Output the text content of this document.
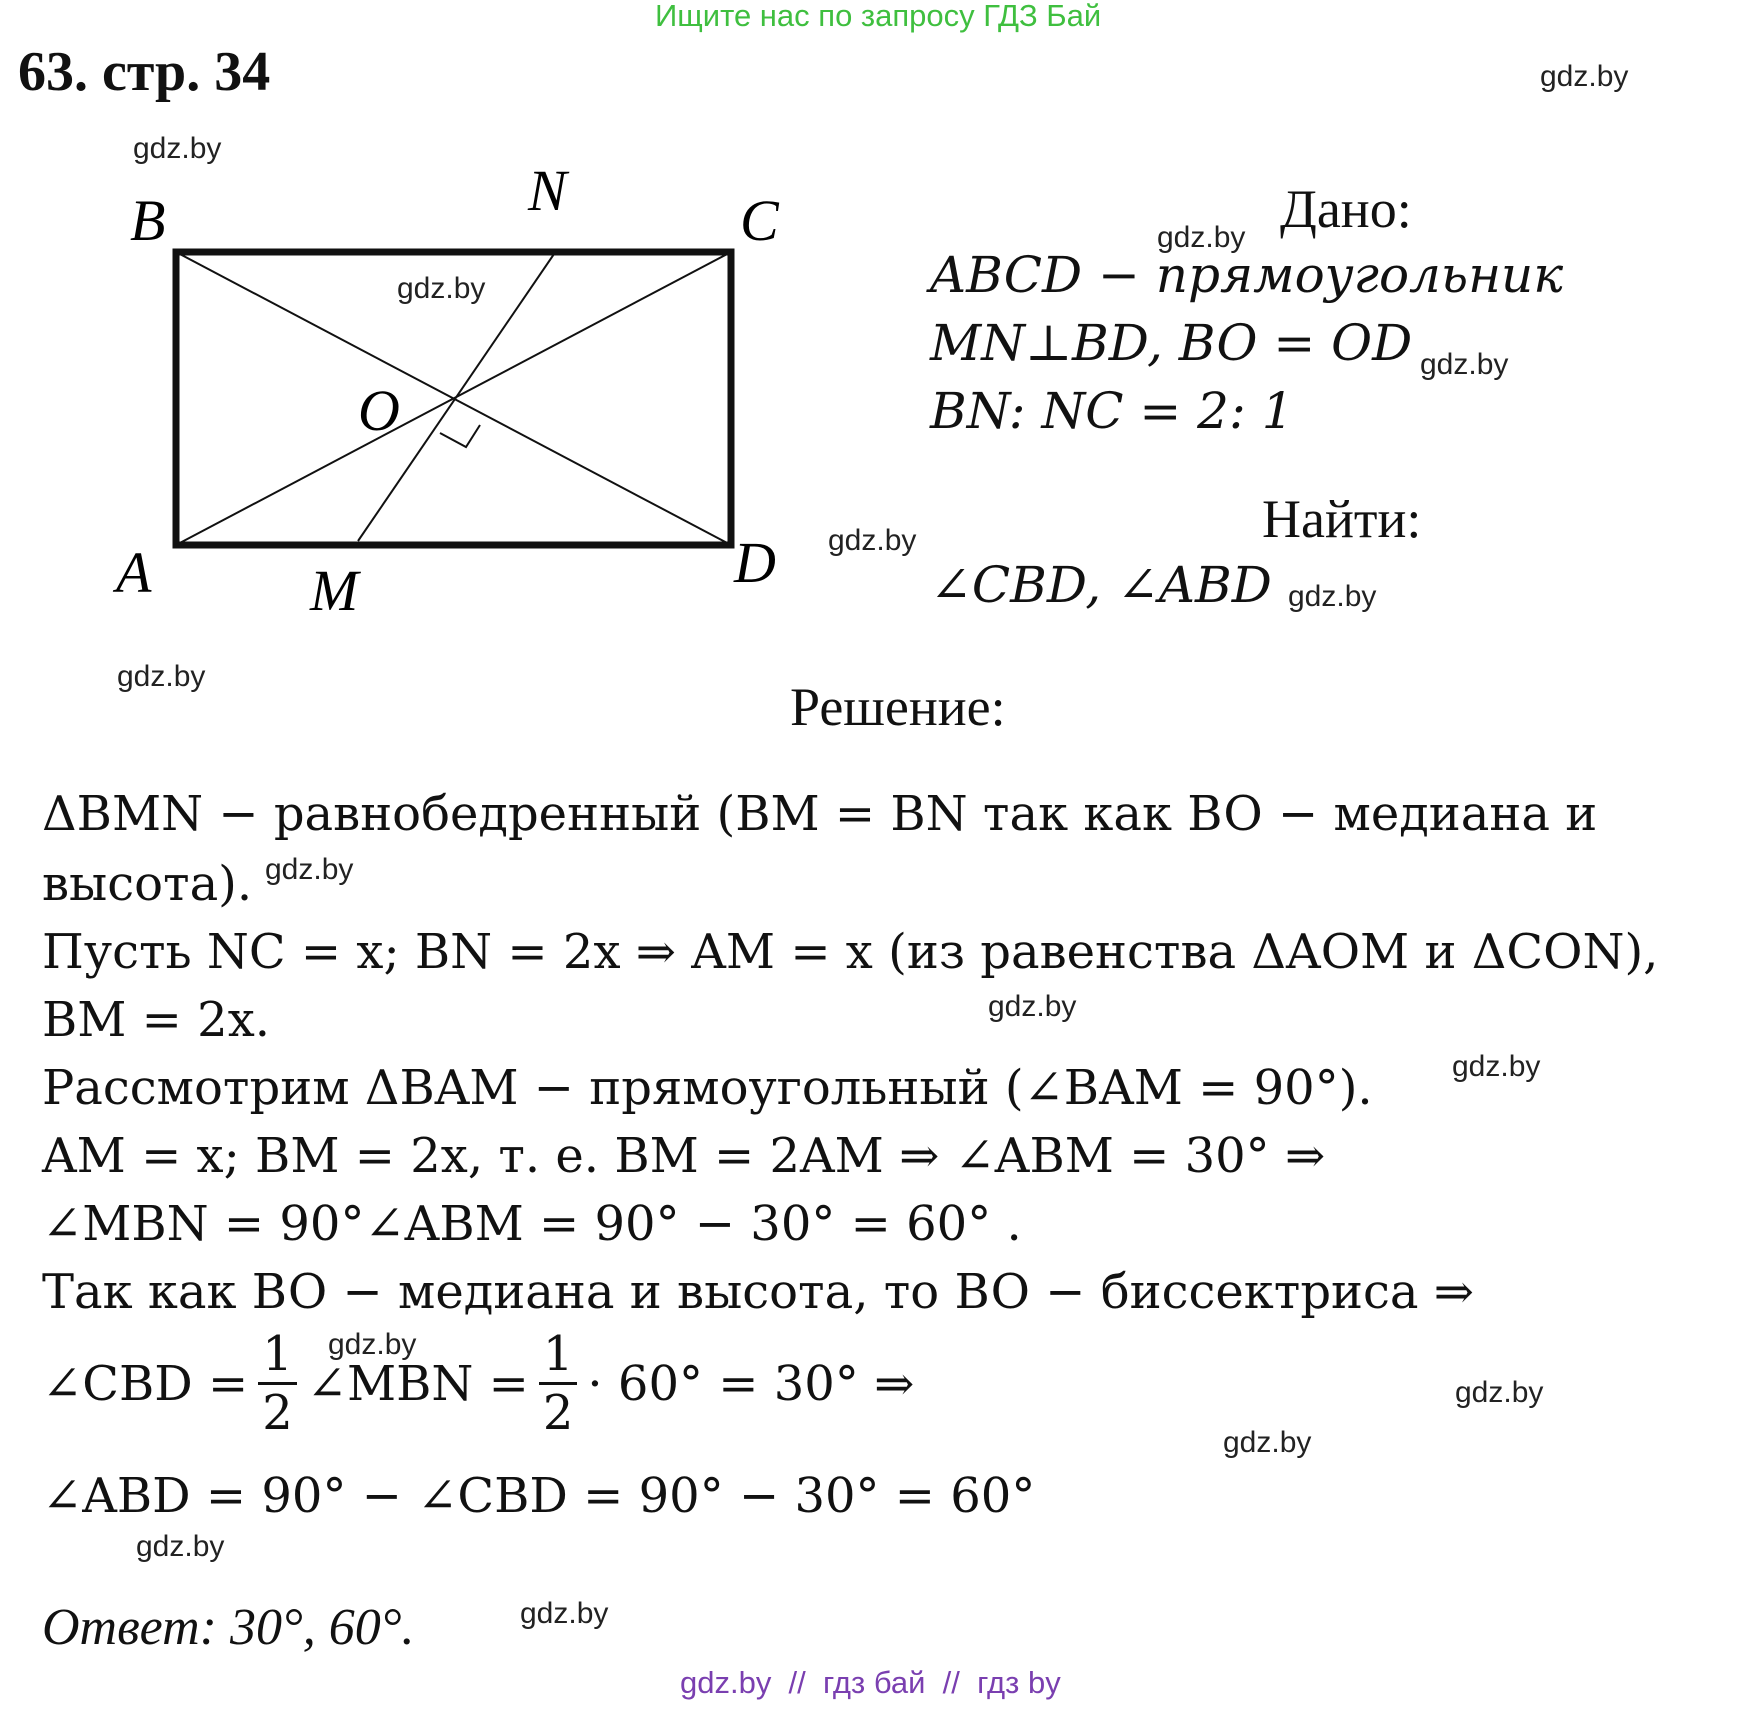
Ищите нас по запросу ГДЗ Бай
63. стр. 34	gdz.by
gdz.by
gdz.by
gdz.by
gdz.by
gdz.by
gdz.by
gdz.by
gdz.by
gdz.by
gdz.by
gdz.by
gdz.by
gdz.by
gdz.by
gdz.by
B	N	C
O
A	M	D
Дано:
ABCD − прямоугольник
MN⊥BD, BO = OD
BN: NC = 2: 1
Найти:
∠CBD, ∠ABD
Решение:
ΔBMN − равнобедренный (BM = BN так как BO − медиана и
высота).
Пусть NC = x; BN = 2x ⇒ AM = x (из равенства ΔAOM и ΔCON),
BM = 2x.
Рассмотрим ΔBAM − прямоугольный (∠BAM = 90°).
AM = x; BM = 2x, т. е. BM = 2AM ⇒ ∠ABM = 30° ⇒
∠MBN = 90°∠ABM = 90° − 30° = 60° .
Так как BO − медиана и высота, то BO − биссектриса ⇒
∠CBD = $\frac{1}{2}$ ∠MBN = $\frac{1}{2} \cdot 60^\circ = 30^\circ$ ⇒
∠ABD = 90° − ∠CBD = 90° − 30° = 60°
Ответ: 30°, 60°.
gdz.by  //  гдз бай  //  гдз by
